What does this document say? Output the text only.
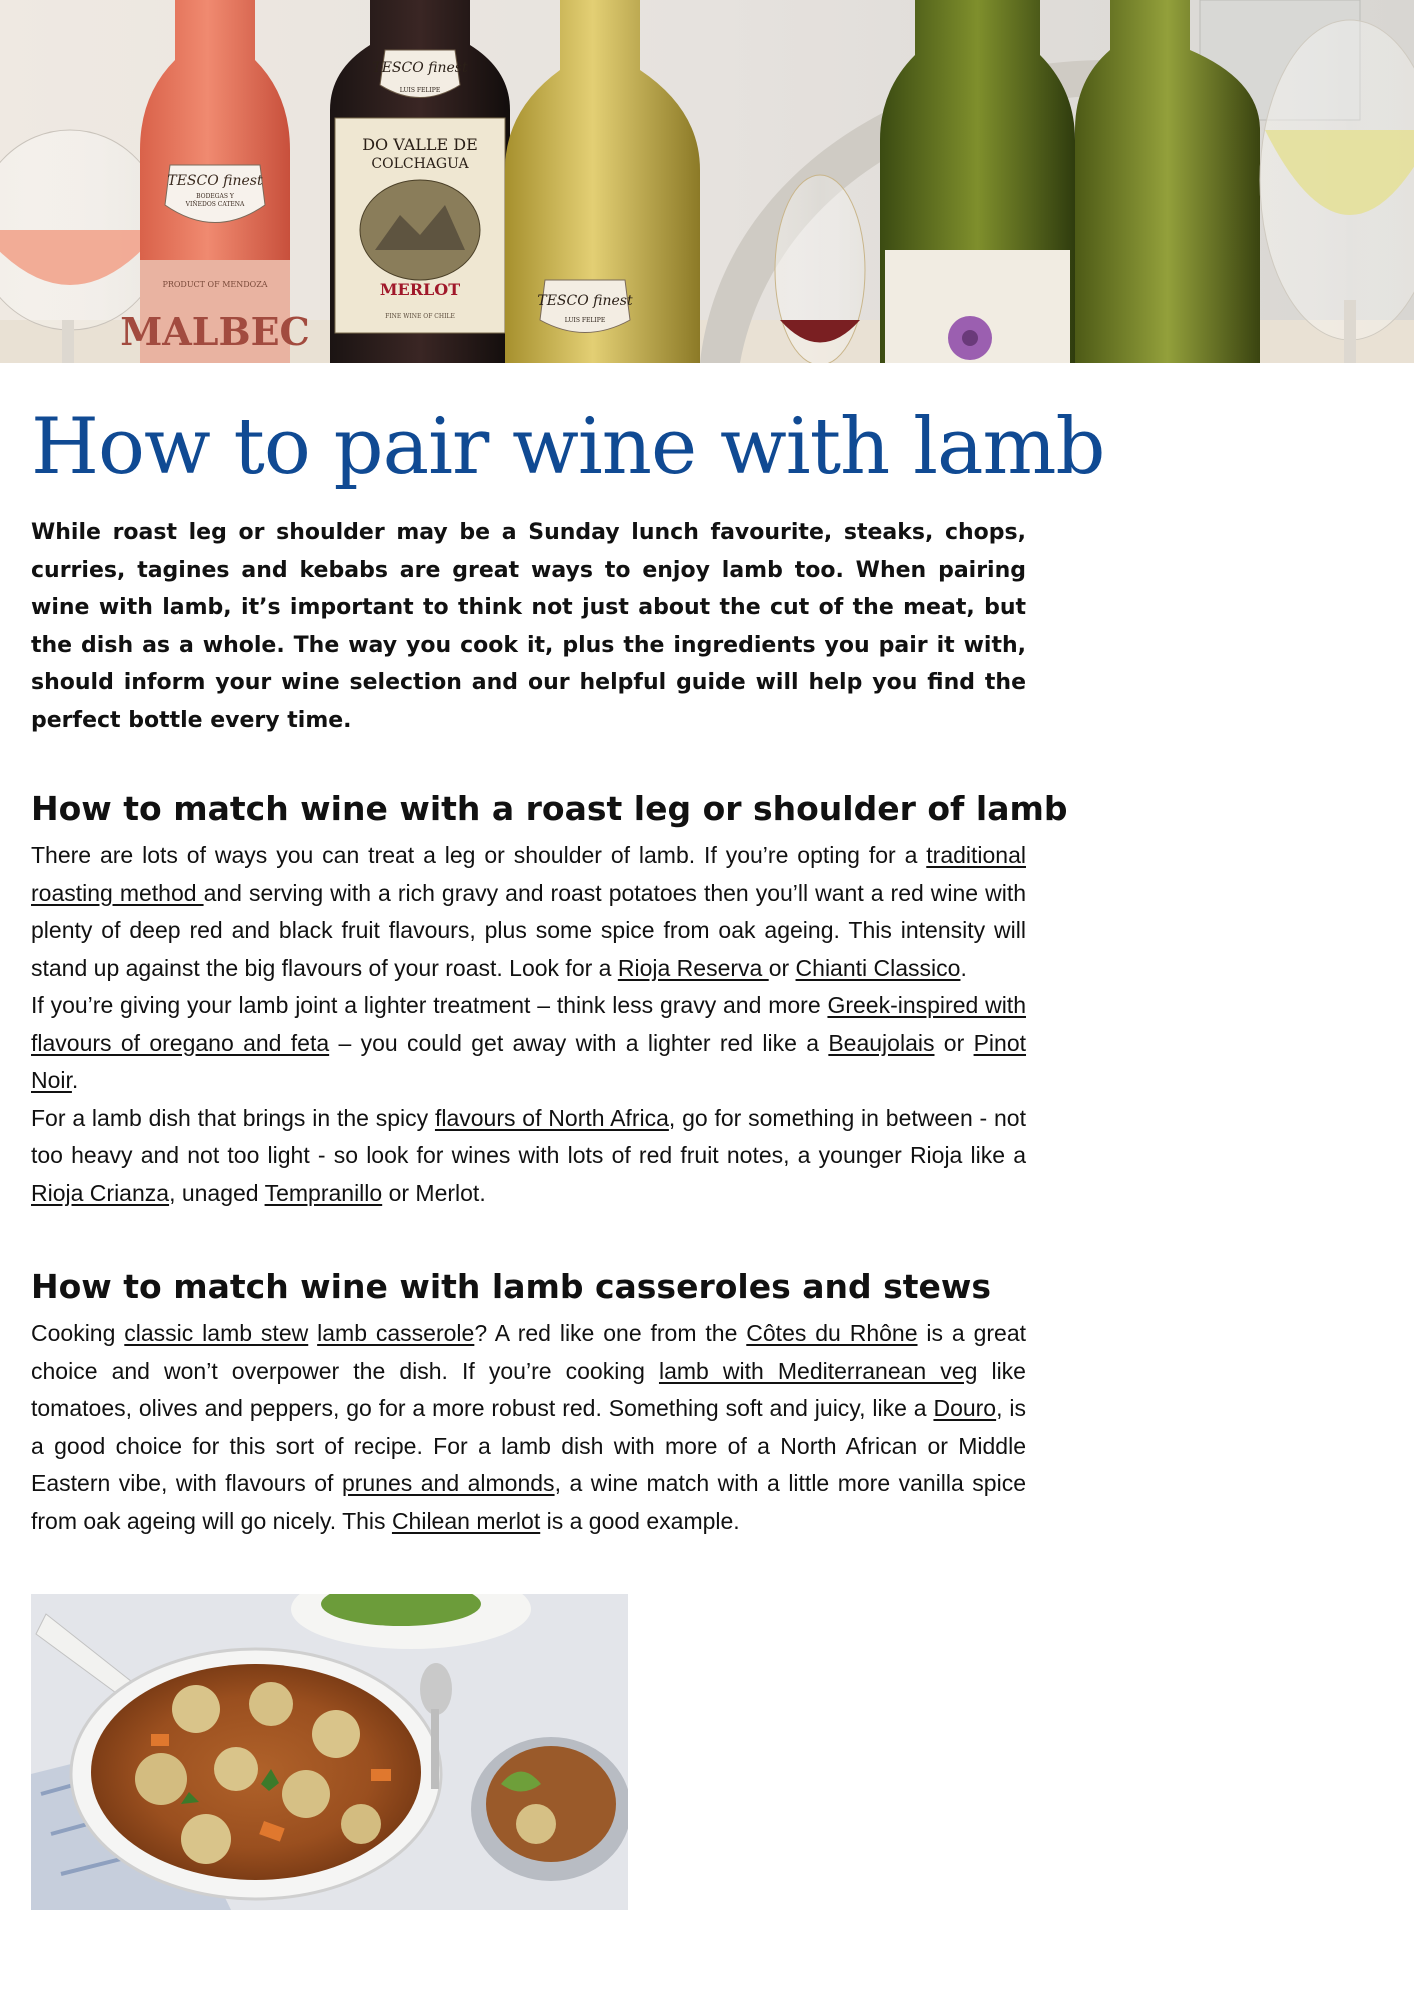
TESCO finest
BODEGAS Y
VIÑEDOS CATENA
PRODUCT OF MENDOZA
MALBEC
TESCO finest
LUIS FELIPE
DO VALLE DE
COLCHAGUA
MERLOT
FINE WINE OF CHILE
TESCO finest
LUIS FELIPE
How to pair wine with lamb

While roast leg or shoulder may be a Sunday lunch favourite, steaks, chops, curries, tagines and kebabs are great ways to enjoy lamb too. When pairing wine with lamb, it’s important to think not just about the cut of the meat, but the dish as a whole. The way you cook it, plus the ingredients you pair it with, should inform your wine selection and our helpful guide will help you find the perfect bottle every time.

How to match wine with a roast leg or shoulder of lamb

There are lots of ways you can treat a leg or shoulder of lamb. If you’re opting for a traditional roasting method and serving with a rich gravy and roast potatoes then you’ll want a red wine with plenty of deep red and black fruit flavours, plus some spice from oak ageing. This intensity will stand up against the big flavours of your roast. Look for a Rioja Reserva or Chianti Classico.

If you’re giving your lamb joint a lighter treatment – think less gravy and more Greek-inspired with flavours of oregano and feta – you could get away with a lighter red like a Beaujolais or Pinot Noir.

For a lamb dish that brings in the spicy flavours of North Africa, go for something in between - not too heavy and not too light - so look for wines with lots of red fruit notes, a younger Rioja like a Rioja Crianza, unaged Tempranillo or Merlot.

How to match wine with lamb casseroles and stews

Cooking classic lamb stew lamb casserole? A red like one from the Côtes du Rhône is a great choice and won’t overpower the dish. If you’re cooking lamb with Mediterranean veg like tomatoes, olives and peppers, go for a more robust red. Something soft and juicy, like a Douro, is a good choice for this sort of recipe. For a lamb dish with more of a North African or Middle Eastern vibe, with flavours of prunes and almonds, a wine match with a little more vanilla spice from oak ageing will go nicely. This Chilean merlot is a good example.
